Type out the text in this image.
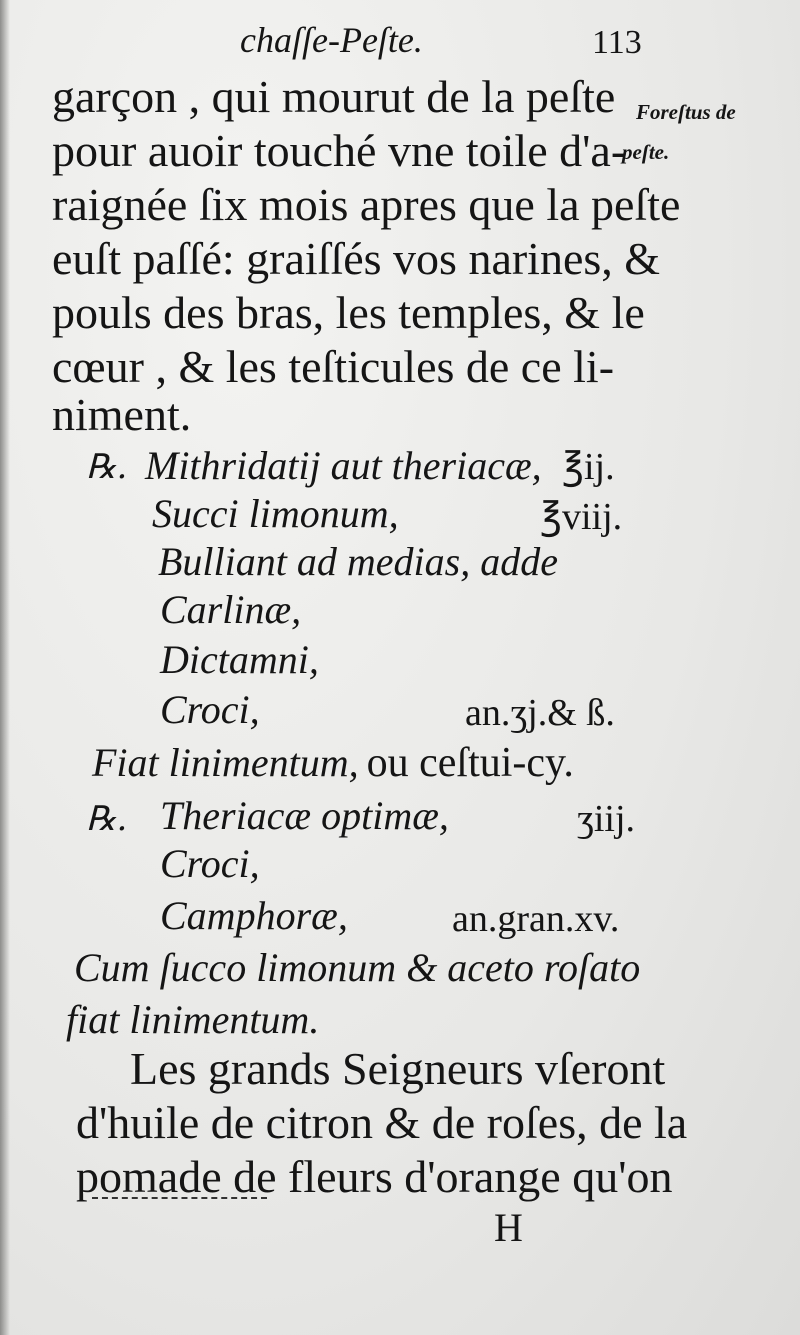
chaſſe-Peſte.	113
Foreſtus de
peſte.
garçon , qui mourut de la peſte
pour auoir touché vne toile d'a-
raignée ſix mois apres que la peſte
euſt paſſé: graiſſés vos narines, &
pouls des bras, les temples, & le
cœur , & les teſticules de ce li-
niment.
℞. Mithridatij aut theriacæ, ℥ij.
Succi limonum,	℥viij.
Bulliant ad medias, adde
Carlinæ,
Dictamni,
Croci,	an.ʒj.& ß.
Fiat linimentum, ou ceſtui-cy.
℞. Theriacæ optimæ,	ʒiij.
Croci,
Camphoræ,	an.gran.xv.
Cum ſucco limonum & aceto roſato
fiat linimentum.
Les grands Seigneurs vſeront
d'huile de citron & de roſes, de la
pomade de fleurs d'orange qu'on
H
